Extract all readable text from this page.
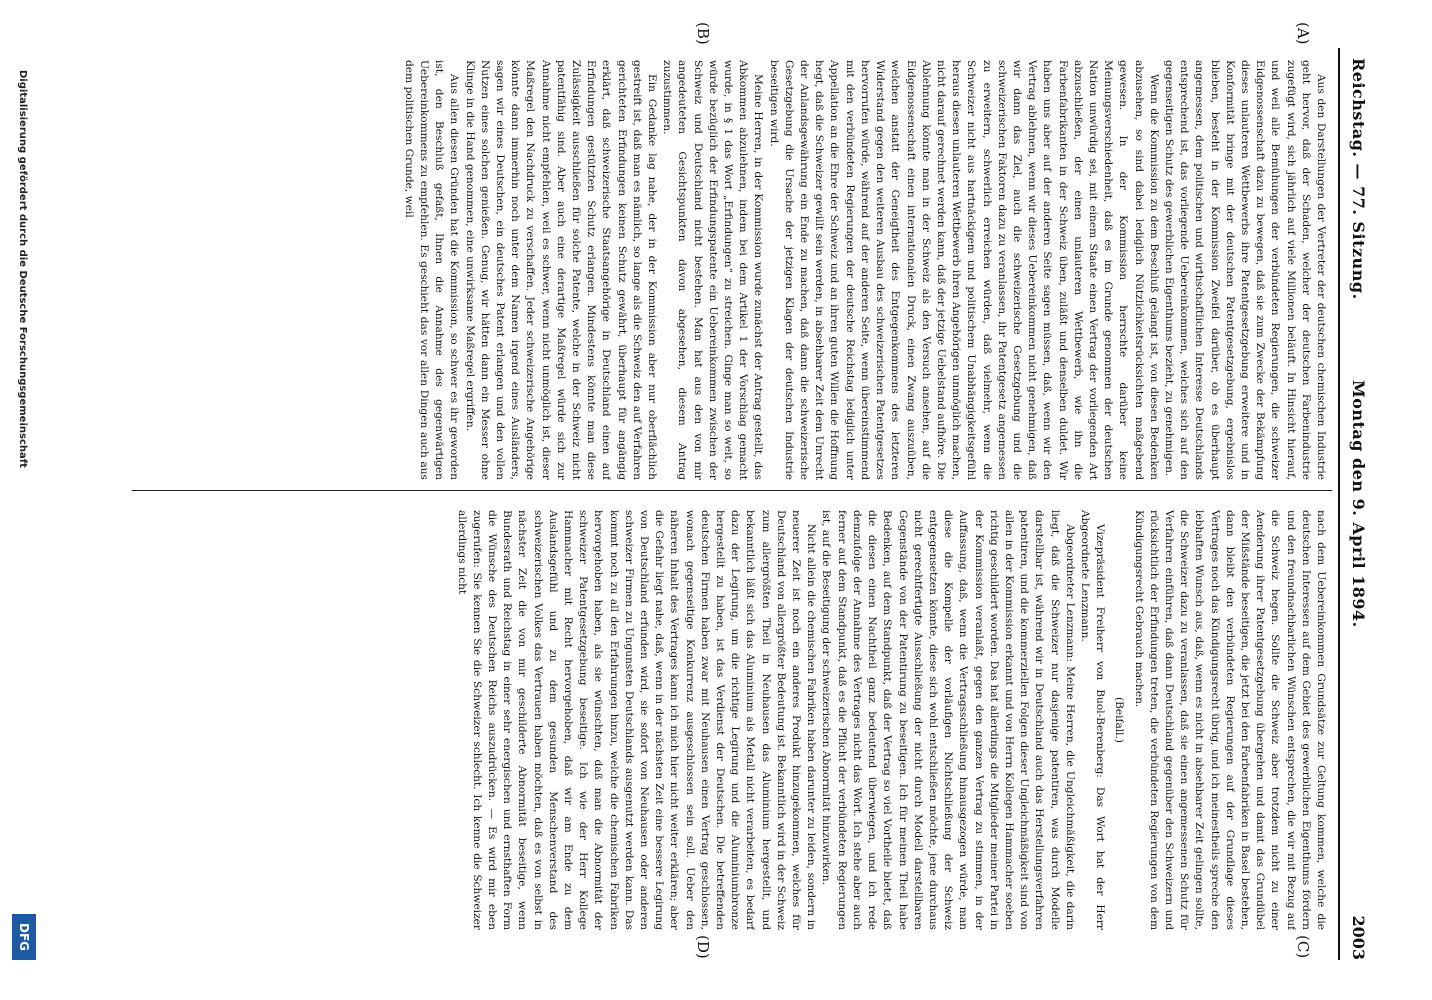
Reichstag. — 77. Sitzung.
Montag den 9. April 1894.
2003
(A)
(B)
(C)
(D)

Aus den Darstellungen der Vertreter der deutschen chemischen Industrie geht hervor, daß der Schaden, welcher der deutschen Farbenindustrie zugefügt wird, sich jährlich auf viele Millionen beläuft. In Hinsicht hierauf, und weil alle Bemühungen der verbündeten Regierungen, die schweizer Eidgenossenschaft dazu zu bewegen, daß sie zum Zwecke der Bekämpfung dieses unlauteren Wettbewerbs ihre Patentgesetzgebung erweitere und in Konformität bringe mit der deutschen Patentgesetzgebung, ergebnislos blieben, besteht in der Kommission Zweifel darüber, ob es überhaupt angemessen, dem politischen und wirthschaftlichen Interesse Deutschlands entsprechend ist, das vorliegende Uebereinkommen, welches sich auf den gegenseitigen Schutz des gewerblichen Eigenthums bezieht, zu genehmigen.

Wenn die Kommission zu dem Beschluß gelangt ist, von diesen Bedenken abzusehen, so sind dabei lediglich Nützlichkeitsrücksichten maßgebend gewesen. In der Kommission herrschte darüber keine Meinungsverschiedenheit, daß es im Grunde genommen der deutschen Nation unwürdig sei, mit einem Staate einen Vertrag der vorliegenden Art abzuschließen, der einen unlauteren Wettbewerb, wie ihn die Farbenfabrikanten in der Schweiz üben, zuläßt und denselben duldet. Wir haben uns aber auf der anderen Seite sagen müssen, daß, wenn wir den Vertrag ablehnen, wenn wir dieses Uebereinkommen nicht genehmigen, daß wir dann das Ziel, auch die schweizerische Gesetzgebung und die schweizerischen Faktoren dazu zu veranlassen, ihr Patentgesetz angemessen zu erweitern, schwerlich erreichen würden, daß vielmehr, wenn die Schweizer nicht aus hartnäckigem und politischem Unabhängigkeitsgefühl heraus diesen unlauteren Wettbewerb ihren Angehörigen unmöglich machen, nicht darauf gerechnet werden kann, daß der jetzige Uebelstand aufhöre. Die Ablehnung könnte man in der Schweiz als den Versuch ansehen, auf die Eidgenossenschaft einen internationalen Druck, einen Zwang auszuüben, welchen anstatt der Geneigtheit des Entgegenkommens des letzteren Widerstand gegen den weiteren Ausbau des schweizerischen Patentgesetzes hervorrufen würde, während auf der anderen Seite, wenn übereinstimmend mit den verbündeten Regierungen der deutsche Reichstag lediglich unter Appellation an die Ehre der Schweiz und an ihren guten Willen die Hoffnung hegt, daß die Schweizer gewillt sein werden, in absehbarer Zeit dem Unrecht der Anlandsgewährung ein Ende zu machen, daß dann die schweizerische Gesetzgebung die Ursache der jetzigen Klagen der deutschen Industrie beseitigen wird.

Meine Herren, in der Kommission wurde zunächst der Antrag gestellt, das Abkommen abzulehnen, indem bei dem Artikel 1 der Vorschlag gemacht wurde, in § 1 das Wort „Erfindungen“ zu streichen. Ginge man so weit, so würde bezüglich der Erfindungspatente ein Uebereinkommen zwischen der Schweiz und Deutschland nicht bestehen. Man hat aus den von mir angedeuteten Gesichtspunkten davon abgesehen, diesem Antrag zuzustimmen.

Ein Gedanke lag nahe, der in der Kommission aber nur oberflächlich gestreift ist, daß man es nämlich, so lange als die Schweiz den auf Verfahren gerichteten Erfindungen keinen Schutz gewährt, überhaupt für angängig erklärt, daß schweizerische Staatsangehörige in Deutschland einen auf Erfindungen gestützten Schutz erlangen. Mindestens könnte man diese Zulässigkeit ausschließen für solche Patente, welche in der Schweiz nicht patentfähig sind. Aber auch eine derartige Maßregel würde sich zur Annahme nicht empfehlen, weil es schwer, wenn nicht unmöglich ist, dieser Maßregel den Nachdruck zu verschaffen. Jeder schweizerische Angehörige könnte dann immerhin noch unter dem Namen irgend eines Ausländers, sagen wir eines Deutschen, ein deutsches Patent erlangen und den vollen Nutzen eines solchen genießen. Genug, wir hätten dann ein Messer ohne Klinge in die Hand genommen, eine unwirksame Maßregel ergriffen.

Aus allen diesen Gründen hat die Kommission, so schwer es ihr geworden ist, den Beschluß gefaßt, Ihnen die Annahme des gegenwärtigen Uebereinkommens zu empfehlen. Es geschieht das vor allen Dingen auch aus dem politischen Grunde, weil

nach dem Uebereinkommen Grundsätze zur Geltung kommen, welche die deutschen Interessen auf dem Gebiet des gewerblichen Eigenthums fördern und den freundnachbarlichen Wünschen entsprechen, die wir mit Bezug auf die Schweiz hegen. Sollte die Schweiz aber trotzdem nicht zu einer Aenderung ihrer Patentgesetzgebung übergehen und damit das Grundübel der Mißstände beseitigen, die jetzt bei den Farbenfabriken in Basel bestehen, dann bleibt den verbündeten Regierungen auf der Grundlage dieses Vertrages noch das Kündigungsrecht übrig, und ich meinestheils spreche den lebhaften Wunsch aus, daß, wenn es nicht in absehbarer Zeit gelingen sollte, die Schweizer dazu zu veranlassen, daß sie einen angemessenen Schutz für Verfahren einführen, daß dann Deutschland gegenüber den Schweizern und rücksichtlich der Erfindungen treten, die verbündeten Regierungen von dem Kündigungsrecht Gebrauch machen.

(Beifall.)

Vizepräsident Freiherr von Buol-Berenberg: Das Wort hat der Herr Abgeordnete Lenzmann.

Abgeordneter Lenzmann: Meine Herren, die Ungleichmäßigkeit, die darin liegt, daß die Schweizer nur dasjenige patentiren, was durch Modelle darstellbar ist, während wir in Deutschland auch das Herstellungsverfahren patentiren, und die kommerziellen Folgen dieser Ungleichmäßigkeit sind von allen in der Kommission erkannt und von Herrn Kollegen Hammacher soeben richtig geschildert worden. Das hat allerdings die Mitglieder meiner Partei in der Kommission veranlaßt, gegen den ganzen Vertrag zu stimmen, in der Auffassung, daß, wenn die Vertragsschließung hinausgezogen würde, man diese die Kompelle der vorläufigen Nichtschließung der Schweiz entgegensetzen könnte, diese sich wohl entschließen möchte, jene durchaus nicht gerechtfertigte Ausschließung der nicht durch Modell darstellbaren Gegenstände von der Patentirung zu beseitigen. Ich für meinen Theil habe Bedenken, auf dem Standpunkt, daß der Vertrag so viel Vortheile bietet, daß die diesen einen Nachtheil ganz bedeutend überwiegen, und ich rede demzufolge der Annahme des Vertrages nicht das Wort. Ich stehe aber auch ferner auf dem Standpunkt, daß es die Pflicht der verbündeten Regierungen ist, auf die Beseitigung der schweizerischen Abnormität hinzuwirken.

Nicht allein die chemischen Fabriken haben darunter zu leiden, sondern in neuerer Zeit ist noch ein anderes Produkt hinzugekommen, welches für Deutschland von allergrößter Bedeutung ist. Bekanntlich wird in der Schweiz zum allergrößten Theil in Neuhausen das Aluminium hergestellt, und bekanntlich läßt sich das Aluminium als Metall nicht verarbeiten, es bedarf dazu der Legirung, um die richtige Legirung und die Aluminiumbronze hergestellt zu haben, ist das Verdienst der Deutschen. Die betreffenden deutschen Firmen haben zwar mit Neuhausen einen Vertrag geschlossen, wonach gegenseitige Konkurrenz ausgeschlossen sein soll. Ueber den näheren Inhalt des Vertrages kann ich mich hier nicht weiter erklären; aber die Gefahr liegt nahe, daß, wenn in der nächsten Zeit eine bessere Legirung von Deutschland erfunden wird, sie sofort von Neuhausen oder anderen schweizer Firmen zu Ungunsten Deutschlands ausgenutzt werden kann. Das kommt noch zu all den Erfahrungen hinzu, welche die chemischen Fabriken hervorgehoben haben, als sie wünschten, daß man die Abnormität der schweizer Patentgesetzgebung beseitige. Ich wie der Herr Kollege Hammacher mit Recht hervorgehoben, daß wir am Ende zu dem Auslandsgefühl und zu dem gesunden Menschenverstand des schweizerischen Volkes das Vertrauen haben möchten, daß es von selbst in nächster Zeit die von mir geschilderte Abnormität beseitige, wenn Bundesrath und Reichstag in einer sehr energischen und ernsthaften Form die Wünsche des Deutschen Reichs auszudrücken. — Es wird mir eben zugerufen: Sie kennen Sie die Schweizer schlecht. Ich kenne die Schweizer allerdings nicht

Digitalisierung gefördert durch die Deutsche Forschungsgemeinschaft
DFG
